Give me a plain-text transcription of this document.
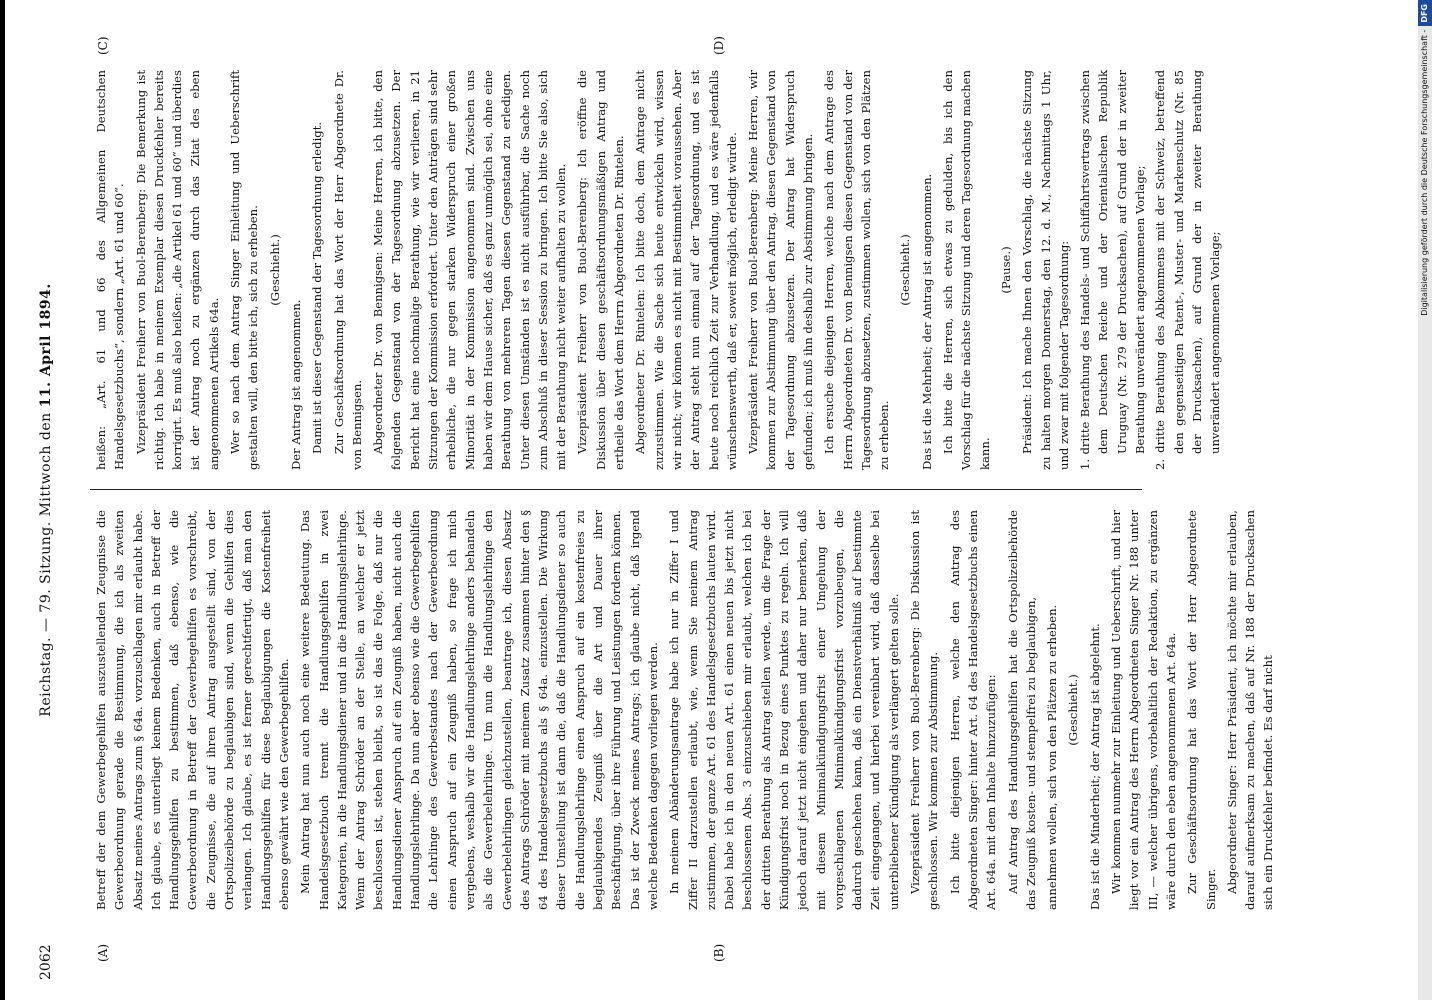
2062
Reichstag. — 79. Sitzung. Mittwoch den 11. April 1894.
(A)	(B)
(C)	(D)

Betreff der dem Gewerbegehilfen auszustellenden Zeugnisse die Gewerbeordnung gerade die Bestimmung, die ich als zweiten Absatz meines Antrags zum § 64a. vorzuschlagen mir erlaubt habe. Ich glaube, es unterliegt keinem Bedenken, auch in Betreff der Handlungsgehilfen zu bestimmen, daß ebenso, wie die Gewerbeordnung in Betreff der Gewerbegehilfen es vorschreibt, die Zeugnisse, die auf ihren Antrag ausgestellt sind, von der Ortspolizeibehörde zu beglaubigen sind, wenn die Gehilfen dies verlangen. Ich glaube, es ist ferner gerechtfertigt, daß man den Handlungsgehilfen für diese Beglaubigungen die Kostenfreiheit ebenso gewährt wie den Gewerbegehilfen. Mein Antrag hat nun auch noch eine weitere Bedeutung. Das Handelsgesetzbuch trennt die Handlungsgehilfen in zwei Kategorien, in die Handlungsdiener und in die Handlungslehrlinge. Wenn der Antrag Schröder an der Stelle, an welcher er jetzt beschlossen ist, stehen bleibt, so ist das die Folge, daß nur die Handlungsdiener Anspruch auf ein Zeugniß haben, nicht auch die Handlungslehrlinge. Da nun aber ebenso wie die Gewerbegehilfen die Lehrlinge des Gewerbestandes nach der Gewerbeordnung einen Anspruch auf ein Zeugniß haben, so frage ich mich vergebens, weshalb wir die Handlungslehrlinge anders behandeln als die Gewerbelehrlinge. Um nun die Handlungslehrlinge den Gewerbelehrlingen gleichzustellen, beantrage ich, diesen Absatz des Antrags Schröder mit meinem Zusatz zusammen hinter den § 64 des Handelsgesetzbuchs als § 64a. einzustellen. Die Wirkung dieser Umstellung ist dann die, daß die Handlungsdiener so auch die Handlungslehrlinge einen Anspruch auf ein kostenfreies zu beglaubigendes Zeugniß über die Art und Dauer ihrer Beschäftigung, über ihre Führung und Leistungen fordern können. Das ist der Zweck meines Antrags; ich glaube nicht, daß irgend welche Bedenken dagegen vorliegen werden. In meinem Abänderungsantrage habe ich nur in Ziffer I und Ziffer II darzustellen erlaubt, wie, wenn Sie meinem Antrag zustimmen, der ganze Art. 61 des Handelsgesetzbuchs lauten wird. Dabei habe ich in den neuen Art. 61 einen neuen bis jetzt nicht beschlossenen Abs. 3 einzuschieben mir erlaubt, welchen ich bei der dritten Berathung als Antrag stellen werde, um die Frage der Kündigungsfrist noch in Bezug eines Punktes zu regeln. Ich will jedoch darauf jetzt nicht eingehen und daher nur bemerken, daß mit diesem Minimalkündigungsfrist einer Umgehung der vorgeschlagenen Minimalkündigungsfrist vorzubeugen, die dadurch geschehen kann, daß ein Dienstverhältniß auf bestimmte Zeit eingegangen, und hierbei vereinbart wird, daß dasselbe bei unterbliebener Kündigung als verlängert gelten solle. Vizepräsident Freiherr von Buol-Berenberg: Die Diskussion ist geschlossen. Wir kommen zur Abstimmung. Ich bitte diejenigen Herren, welche den Antrag des Abgeordneten Singer: hinter Art. 64 des Handelsgesetzbuchs einen Art. 64a. mit dem Inhalte hinzuzufügen: Auf Antrag des Handlungsgehilfen hat die Ortspolizeibehörde das Zeugniß kosten- und stempelfrei zu beglaubigen, annehmen wollen, sich von den Plätzen zu erheben. (Geschieht.) Das ist die Minderheit; der Antrag ist abgelehnt. Wir kommen nunmehr zur Einleitung und Ueberschrift, und hier liegt vor ein Antrag des Herrn Abgeordneten Singer Nr. 188 unter III, — welcher übrigens, vorbehaltlich der Redaktion, zu ergänzen wäre durch den eben angenommenen Art. 64a. Zur Geschäftsordnung hat das Wort der Herr Abgeordnete Singer. Abgeordneter Singer: Herr Präsident, ich möchte mir erlauben, darauf aufmerksam zu machen, daß auf Nr. 188 der Drucksachen sich ein Druckfehler befindet. Es darf nicht

heißen: „Art. 61 und 66 des Allgemeinen Deutschen Handelsgesetzbuchs“, sondern „Art. 61 und 60“. Vizepräsident Freiherr von Buol-Berenberg: Die Bemerkung ist richtig. Ich habe in meinem Exemplar diesen Druckfehler bereits korrigirt. Es muß also heißen: „die Artikel 61 und 60“ und überdies ist der Antrag noch zu ergänzen durch das Zitat des eben angenommenen Artikels 64a. Wer so nach dem Antrag Singer Einleitung und Ueberschrift gestalten will, den bitte ich, sich zu erheben. (Geschieht.)

Der Antrag ist angenommen. Damit ist dieser Gegenstand der Tagesordnung erledigt. Zur Geschäftsordnung hat das Wort der Herr Abgeordnete Dr. von Bennigsen. Abgeordneter Dr. von Bennigsen: Meine Herren, ich bitte, den folgenden Gegenstand von der Tagesordnung abzusetzen. Der Bericht hat eine nochmalige Berathung, wie wir verlieren, in 21 Sitzungen der Kommission erfordert. Unter den Anträgen sind sehr erhebliche, die nur gegen starken Widerspruch einer großen Minorität in der Kommission angenommen sind. Zwischen uns haben wir dem Hause sicher, daß es ganz unmöglich sei, ohne eine Berathung von mehreren Tagen diesen Gegenstand zu erledigen. Unter diesen Umständen ist es nicht ausführbar, die Sache noch zum Abschluß in dieser Session zu bringen. Ich bitte Sie also, sich mit der Berathung nicht weiter aufhalten zu wollen. Vizepräsident Freiherr von Buol-Berenberg: Ich eröffne die Diskussion über diesen geschäftsordnungsmäßigen Antrag und ertheile das Wort dem Herrn Abgeordneten Dr. Rintelen. Abgeordneter Dr. Rintelen: Ich bitte doch, dem Antrage nicht zuzustimmen. Wie die Sache sich heute entwickeln wird, wissen wir nicht; wir können es nicht mit Bestimmtheit voraussehen. Aber der Antrag steht nun einmal auf der Tagesordnung, und es ist heute noch reichlich Zeit zur Verhandlung, und es wäre jedenfalls wünschenswerth, daß er, soweit möglich, erledigt würde. Vizepräsident Freiherr von Buol-Berenberg: Meine Herren, wir kommen zur Abstimmung über den Antrag, diesen Gegenstand von der Tagesordnung abzusetzen. Der Antrag hat Widerspruch gefunden; ich muß ihn deshalb zur Abstimmung bringen. Ich ersuche diejenigen Herren, welche nach dem Antrage des Herrn Abgeordneten Dr. von Bennigsen diesen Gegenstand von der Tagesordnung abzusetzen, zustimmen wollen, sich von den Plätzen zu erheben.

(Geschieht.) Das ist die Mehrheit; der Antrag ist angenommen. Ich bitte die Herren, sich etwas zu gedulden, bis ich den Vorschlag für die nächste Sitzung und deren Tagesordnung machen kann.

(Pause.) Präsident: Ich mache Ihnen den Vorschlag, die nächste Sitzung zu halten morgen Donnerstag, den 12. d. M., Nachmittags 1 Uhr, und zwar mit folgender Tagesordnung: 1. dritte Berathung des Handels- und Schiffahrtsvertrags zwischen dem Deutschen Reiche und der Orientalischen Republik Uruguay (Nr. 279 der Drucksachen), auf Grund der in zweiter Berathung unverändert angenommenen Vorlage; 2. dritte Berathung des Abkommens mit der Schweiz, betreffend den gegenseitigen Patent-, Muster- und Markenschutz (Nr. 85 der Drucksachen), auf Grund der in zweiter Berathung unverändert angenommenen Vorlage;

Digitalisierung gefördert durch die Deutsche Forschungsgemeinschaft -DFG
